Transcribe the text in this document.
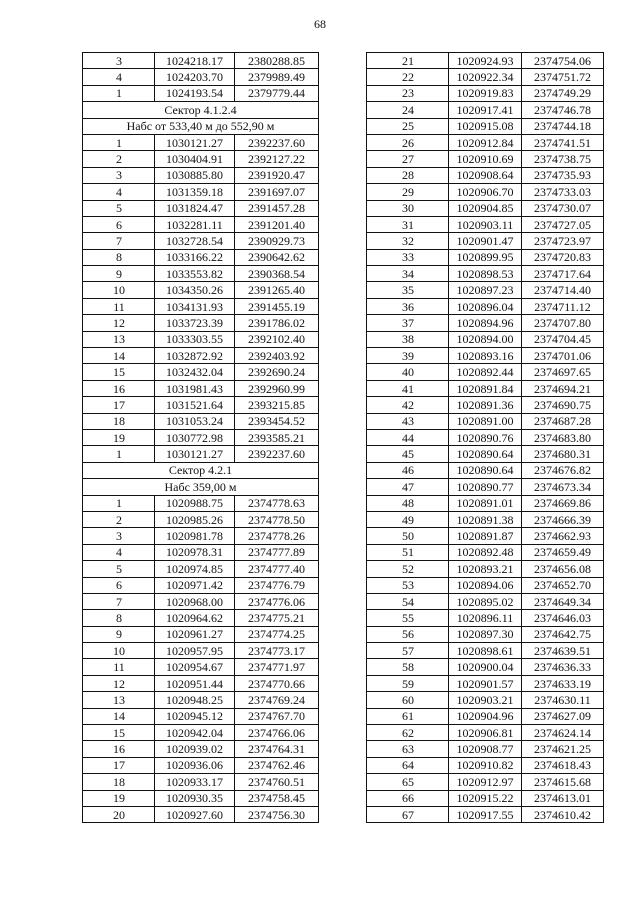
68
3	1024218.17	2380288.85
4	1024203.70	2379989.49
1	1024193.54	2379779.44
Сектор 4.1.2.4		
Набс от 533,40 м до 552,90 м		
1	1030121.27	2392237.60
2	1030404.91	2392127.22
3	1030885.80	2391920.47
4	1031359.18	2391697.07
5	1031824.47	2391457.28
6	1032281.11	2391201.40
7	1032728.54	2390929.73
8	1033166.22	2390642.62
9	1033553.82	2390368.54
10	1034350.26	2391265.40
11	1034131.93	2391455.19
12	1033723.39	2391786.02
13	1033303.55	2392102.40
14	1032872.92	2392403.92
15	1032432.04	2392690.24
16	1031981.43	2392960.99
17	1031521.64	2393215.85
18	1031053.24	2393454.52
19	1030772.98	2393585.21
1	1030121.27	2392237.60
Сектор 4.2.1		
Набс 359,00 м		
1	1020988.75	2374778.63
2	1020985.26	2374778.50
3	1020981.78	2374778.26
4	1020978.31	2374777.89
5	1020974.85	2374777.40
6	1020971.42	2374776.79
7	1020968.00	2374776.06
8	1020964.62	2374775.21
9	1020961.27	2374774.25
10	1020957.95	2374773.17
11	1020954.67	2374771.97
12	1020951.44	2374770.66
13	1020948.25	2374769.24
14	1020945.12	2374767.70
15	1020942.04	2374766.06
16	1020939.02	2374764.31
17	1020936.06	2374762.46
18	1020933.17	2374760.51
19	1020930.35	2374758.45
20	1020927.60	2374756.30
21	1020924.93	2374754.06
22	1020922.34	2374751.72
23	1020919.83	2374749.29
24	1020917.41	2374746.78
25	1020915.08	2374744.18
26	1020912.84	2374741.51
27	1020910.69	2374738.75
28	1020908.64	2374735.93
29	1020906.70	2374733.03
30	1020904.85	2374730.07
31	1020903.11	2374727.05
32	1020901.47	2374723.97
33	1020899.95	2374720.83
34	1020898.53	2374717.64
35	1020897.23	2374714.40
36	1020896.04	2374711.12
37	1020894.96	2374707.80
38	1020894.00	2374704.45
39	1020893.16	2374701.06
40	1020892.44	2374697.65
41	1020891.84	2374694.21
42	1020891.36	2374690.75
43	1020891.00	2374687.28
44	1020890.76	2374683.80
45	1020890.64	2374680.31
46	1020890.64	2374676.82
47	1020890.77	2374673.34
48	1020891.01	2374669.86
49	1020891.38	2374666.39
50	1020891.87	2374662.93
51	1020892.48	2374659.49
52	1020893.21	2374656.08
53	1020894.06	2374652.70
54	1020895.02	2374649.34
55	1020896.11	2374646.03
56	1020897.30	2374642.75
57	1020898.61	2374639.51
58	1020900.04	2374636.33
59	1020901.57	2374633.19
60	1020903.21	2374630.11
61	1020904.96	2374627.09
62	1020906.81	2374624.14
63	1020908.77	2374621.25
64	1020910.82	2374618.43
65	1020912.97	2374615.68
66	1020915.22	2374613.01
67	1020917.55	2374610.42
